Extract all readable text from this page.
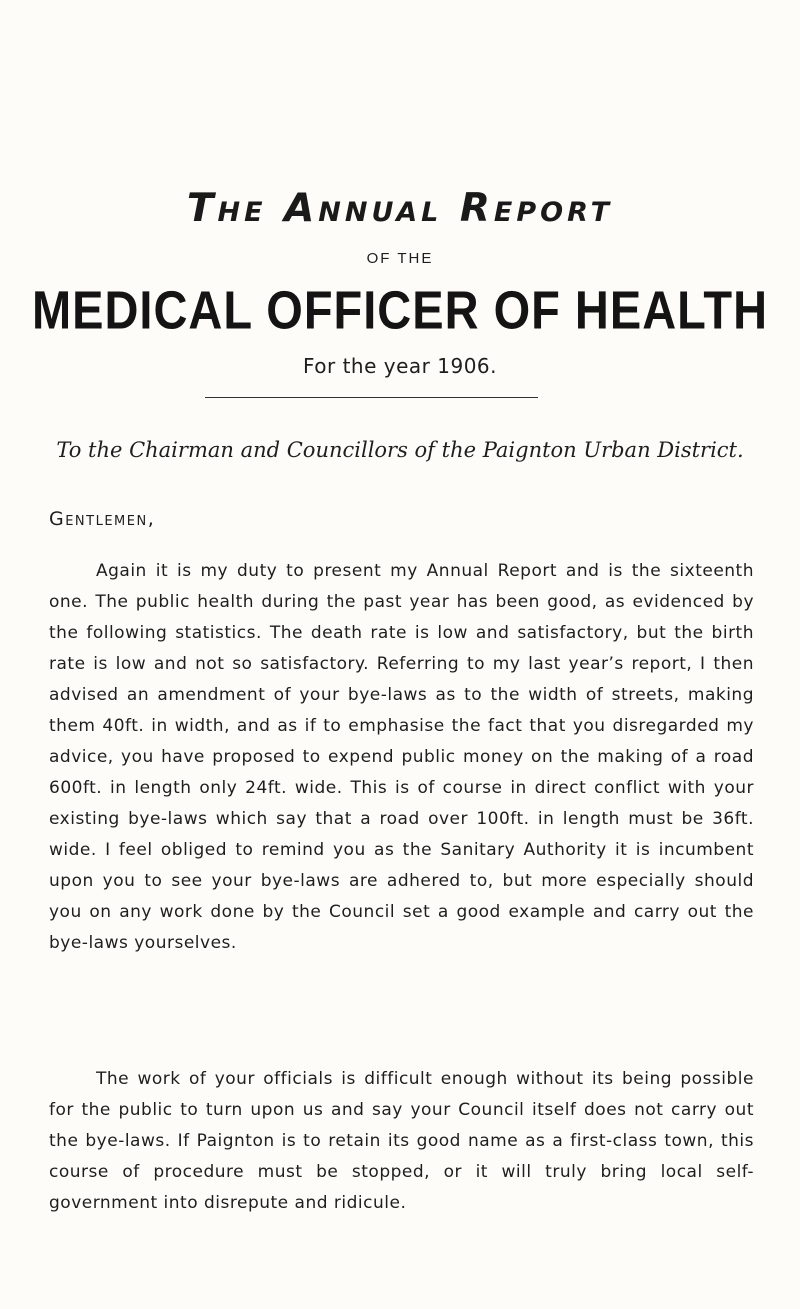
The Annual Report
OF THE
MEDICAL OFFICER OF HEALTH
For the year 1906.

To the Chairman and Councillors of the Paignton Urban District.

Gentlemen,

Again it is my duty to present my Annual Report and is the sixteenth one. The public health during the past year has been good, as evidenced by the following statistics. The death rate is low and satisfactory, but the birth rate is low and not so satisfactory. Referring to my last year’s report, I then advised an amendment of your bye-laws as to the width of streets, making them 40ft. in width, and as if to emphasise the fact that you disregarded my advice, you have proposed to expend public money on the making of a road 600ft. in length only 24ft. wide. This is of course in direct conflict with your existing bye-laws which say that a road over 100ft. in length must be 36ft. wide. I feel obliged to remind you as the Sanitary Authority it is incumbent upon you to see your bye-laws are adhered to, but more especially should you on any work done by the Council set a good example and carry out the bye-laws yourselves.

The work of your officials is difficult enough without its being possible for the public to turn upon us and say your Council itself does not carry out the bye-laws. If Paignton is to retain its good name as a first-class town, this course of procedure must be stopped, or it will truly bring local self-government into disrepute and ridicule.
